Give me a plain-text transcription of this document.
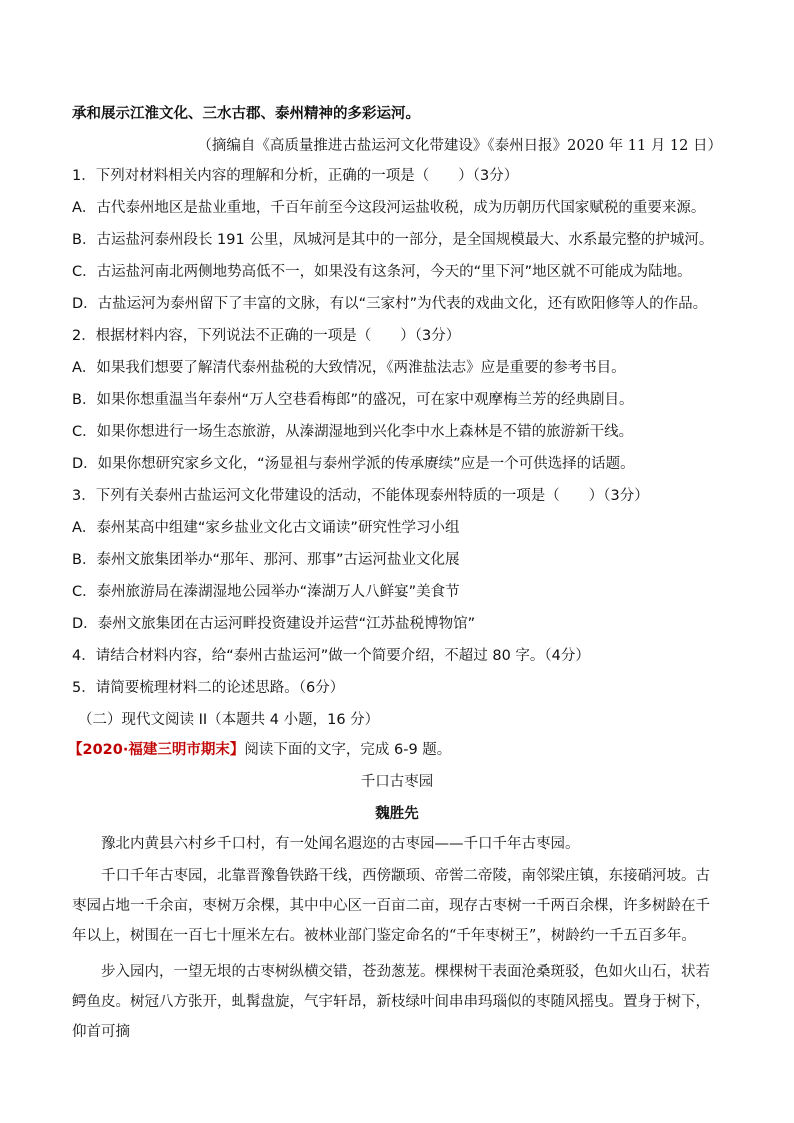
承和展示江淮文化、三水古郡、泰州精神的多彩运河。
（摘编自《高质量推进古盐运河文化带建设》《泰州日报》2020 年 11 月 12 日）
1．下列对材料相关内容的理解和分析，正确的一项是（　　）（3分）
A．古代泰州地区是盐业重地，千百年前至今这段河运盐收税，成为历朝历代国家赋税的重要来源。
B．古运盐河泰州段长 191 公里，凤城河是其中的一部分，是全国规模最大、水系最完整的护城河。
C．古运盐河南北两侧地势高低不一，如果没有这条河，今天的“里下河”地区就不可能成为陆地。
D．古盐运河为泰州留下了丰富的文脉，有以“三家村”为代表的戏曲文化，还有欧阳修等人的作品。
2．根据材料内容，下列说法不正确的一项是（　　）（3分）
A．如果我们想要了解清代泰州盐税的大致情况，《两淮盐法志》应是重要的参考书目。
B．如果你想重温当年泰州“万人空巷看梅郎”的盛况，可在家中观摩梅兰芳的经典剧目。
C．如果你想进行一场生态旅游，从溱湖湿地到兴化李中水上森林是不错的旅游新干线。
D．如果你想研究家乡文化，“汤显祖与泰州学派的传承赓续”应是一个可供选择的话题。
3．下列有关泰州古盐运河文化带建设的活动，不能体现泰州特质的一项是（　　）（3分）
A．泰州某高中组建“家乡盐业文化古文诵读”研究性学习小组
B．泰州文旅集团举办“那年、那河、那事”古运河盐业文化展
C．泰州旅游局在溱湖湿地公园举办“溱湖万人八鲜宴”美食节
D．泰州文旅集团在古运河畔投资建设并运营“江苏盐税博物馆”
4．请结合材料内容，给“泰州古盐运河”做一个简要介绍，不超过 80 字。（4分）
5．请简要梳理材料二的论述思路。（6分）
（二）现代文阅读 II（本题共 4 小题，16 分）
【2020·福建三明市期末】阅读下面的文字，完成 6-9 题。
千口古枣园
魏胜先
豫北内黄县六村乡千口村，有一处闻名遐迩的古枣园——千口千年古枣园。
千口千年古枣园，北靠晋豫鲁铁路干线，西傍颛顼、帝喾二帝陵，南邻梁庄镇，东接硝河坡。古枣园占地一千余亩，枣树万余棵，其中中心区一百亩二亩，现存古枣树一千两百余棵，许多树龄在千年以上，树围在一百七十厘米左右。被林业部门鉴定命名的“千年枣树王”，树龄约一千五百多年。
步入园内，一望无垠的古枣树纵横交错，苍劲葱茏。棵棵树干表面沧桑斑驳，色如火山石，状若鳄鱼皮。树冠八方张开，虬髯盘旋，气宇轩昂，新枝绿叶间串串玛瑙似的枣随风摇曳。置身于树下，仰首可摘
